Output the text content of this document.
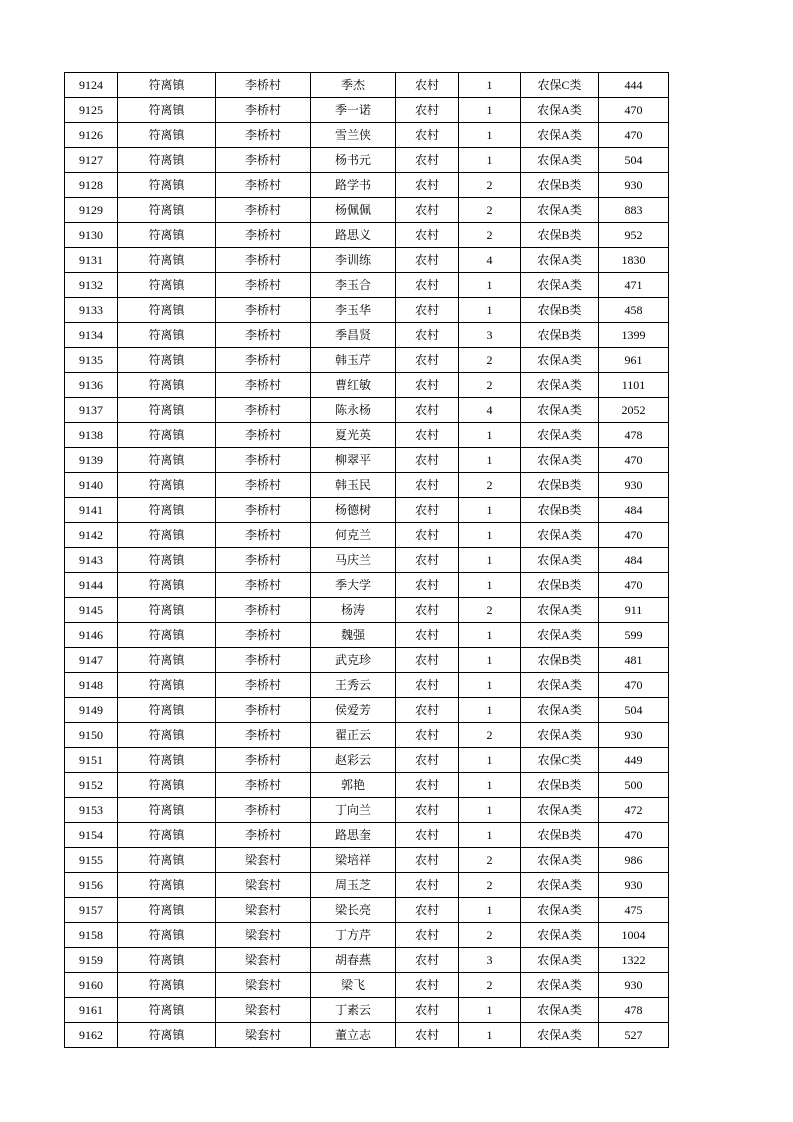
9124	符离镇	李桥村	季杰	农村	1	农保C类	444
9125	符离镇	李桥村	季一诺	农村	1	农保A类	470
9126	符离镇	李桥村	雪兰侠	农村	1	农保A类	470
9127	符离镇	李桥村	杨书元	农村	1	农保A类	504
9128	符离镇	李桥村	路学书	农村	2	农保B类	930
9129	符离镇	李桥村	杨佩佩	农村	2	农保A类	883
9130	符离镇	李桥村	路思义	农村	2	农保B类	952
9131	符离镇	李桥村	李训练	农村	4	农保A类	1830
9132	符离镇	李桥村	李玉合	农村	1	农保A类	471
9133	符离镇	李桥村	李玉华	农村	1	农保B类	458
9134	符离镇	李桥村	季昌贤	农村	3	农保B类	1399
9135	符离镇	李桥村	韩玉芹	农村	2	农保A类	961
9136	符离镇	李桥村	曹红敏	农村	2	农保A类	1101
9137	符离镇	李桥村	陈永杨	农村	4	农保A类	2052
9138	符离镇	李桥村	夏光英	农村	1	农保A类	478
9139	符离镇	李桥村	柳翠平	农村	1	农保A类	470
9140	符离镇	李桥村	韩玉民	农村	2	农保B类	930
9141	符离镇	李桥村	杨德树	农村	1	农保B类	484
9142	符离镇	李桥村	何克兰	农村	1	农保A类	470
9143	符离镇	李桥村	马庆兰	农村	1	农保A类	484
9144	符离镇	李桥村	季大学	农村	1	农保B类	470
9145	符离镇	李桥村	杨涛	农村	2	农保A类	911
9146	符离镇	李桥村	魏强	农村	1	农保A类	599
9147	符离镇	李桥村	武克珍	农村	1	农保B类	481
9148	符离镇	李桥村	王秀云	农村	1	农保A类	470
9149	符离镇	李桥村	侯爱芳	农村	1	农保A类	504
9150	符离镇	李桥村	翟正云	农村	2	农保A类	930
9151	符离镇	李桥村	赵彩云	农村	1	农保C类	449
9152	符离镇	李桥村	郭艳	农村	1	农保B类	500
9153	符离镇	李桥村	丁向兰	农村	1	农保A类	472
9154	符离镇	李桥村	路思奎	农村	1	农保B类	470
9155	符离镇	梁套村	梁培祥	农村	2	农保A类	986
9156	符离镇	梁套村	周玉芝	农村	2	农保A类	930
9157	符离镇	梁套村	梁长亮	农村	1	农保A类	475
9158	符离镇	梁套村	丁方芹	农村	2	农保A类	1004
9159	符离镇	梁套村	胡春燕	农村	3	农保A类	1322
9160	符离镇	梁套村	梁飞	农村	2	农保A类	930
9161	符离镇	梁套村	丁素云	农村	1	农保A类	478
9162	符离镇	梁套村	董立志	农村	1	农保A类	527
